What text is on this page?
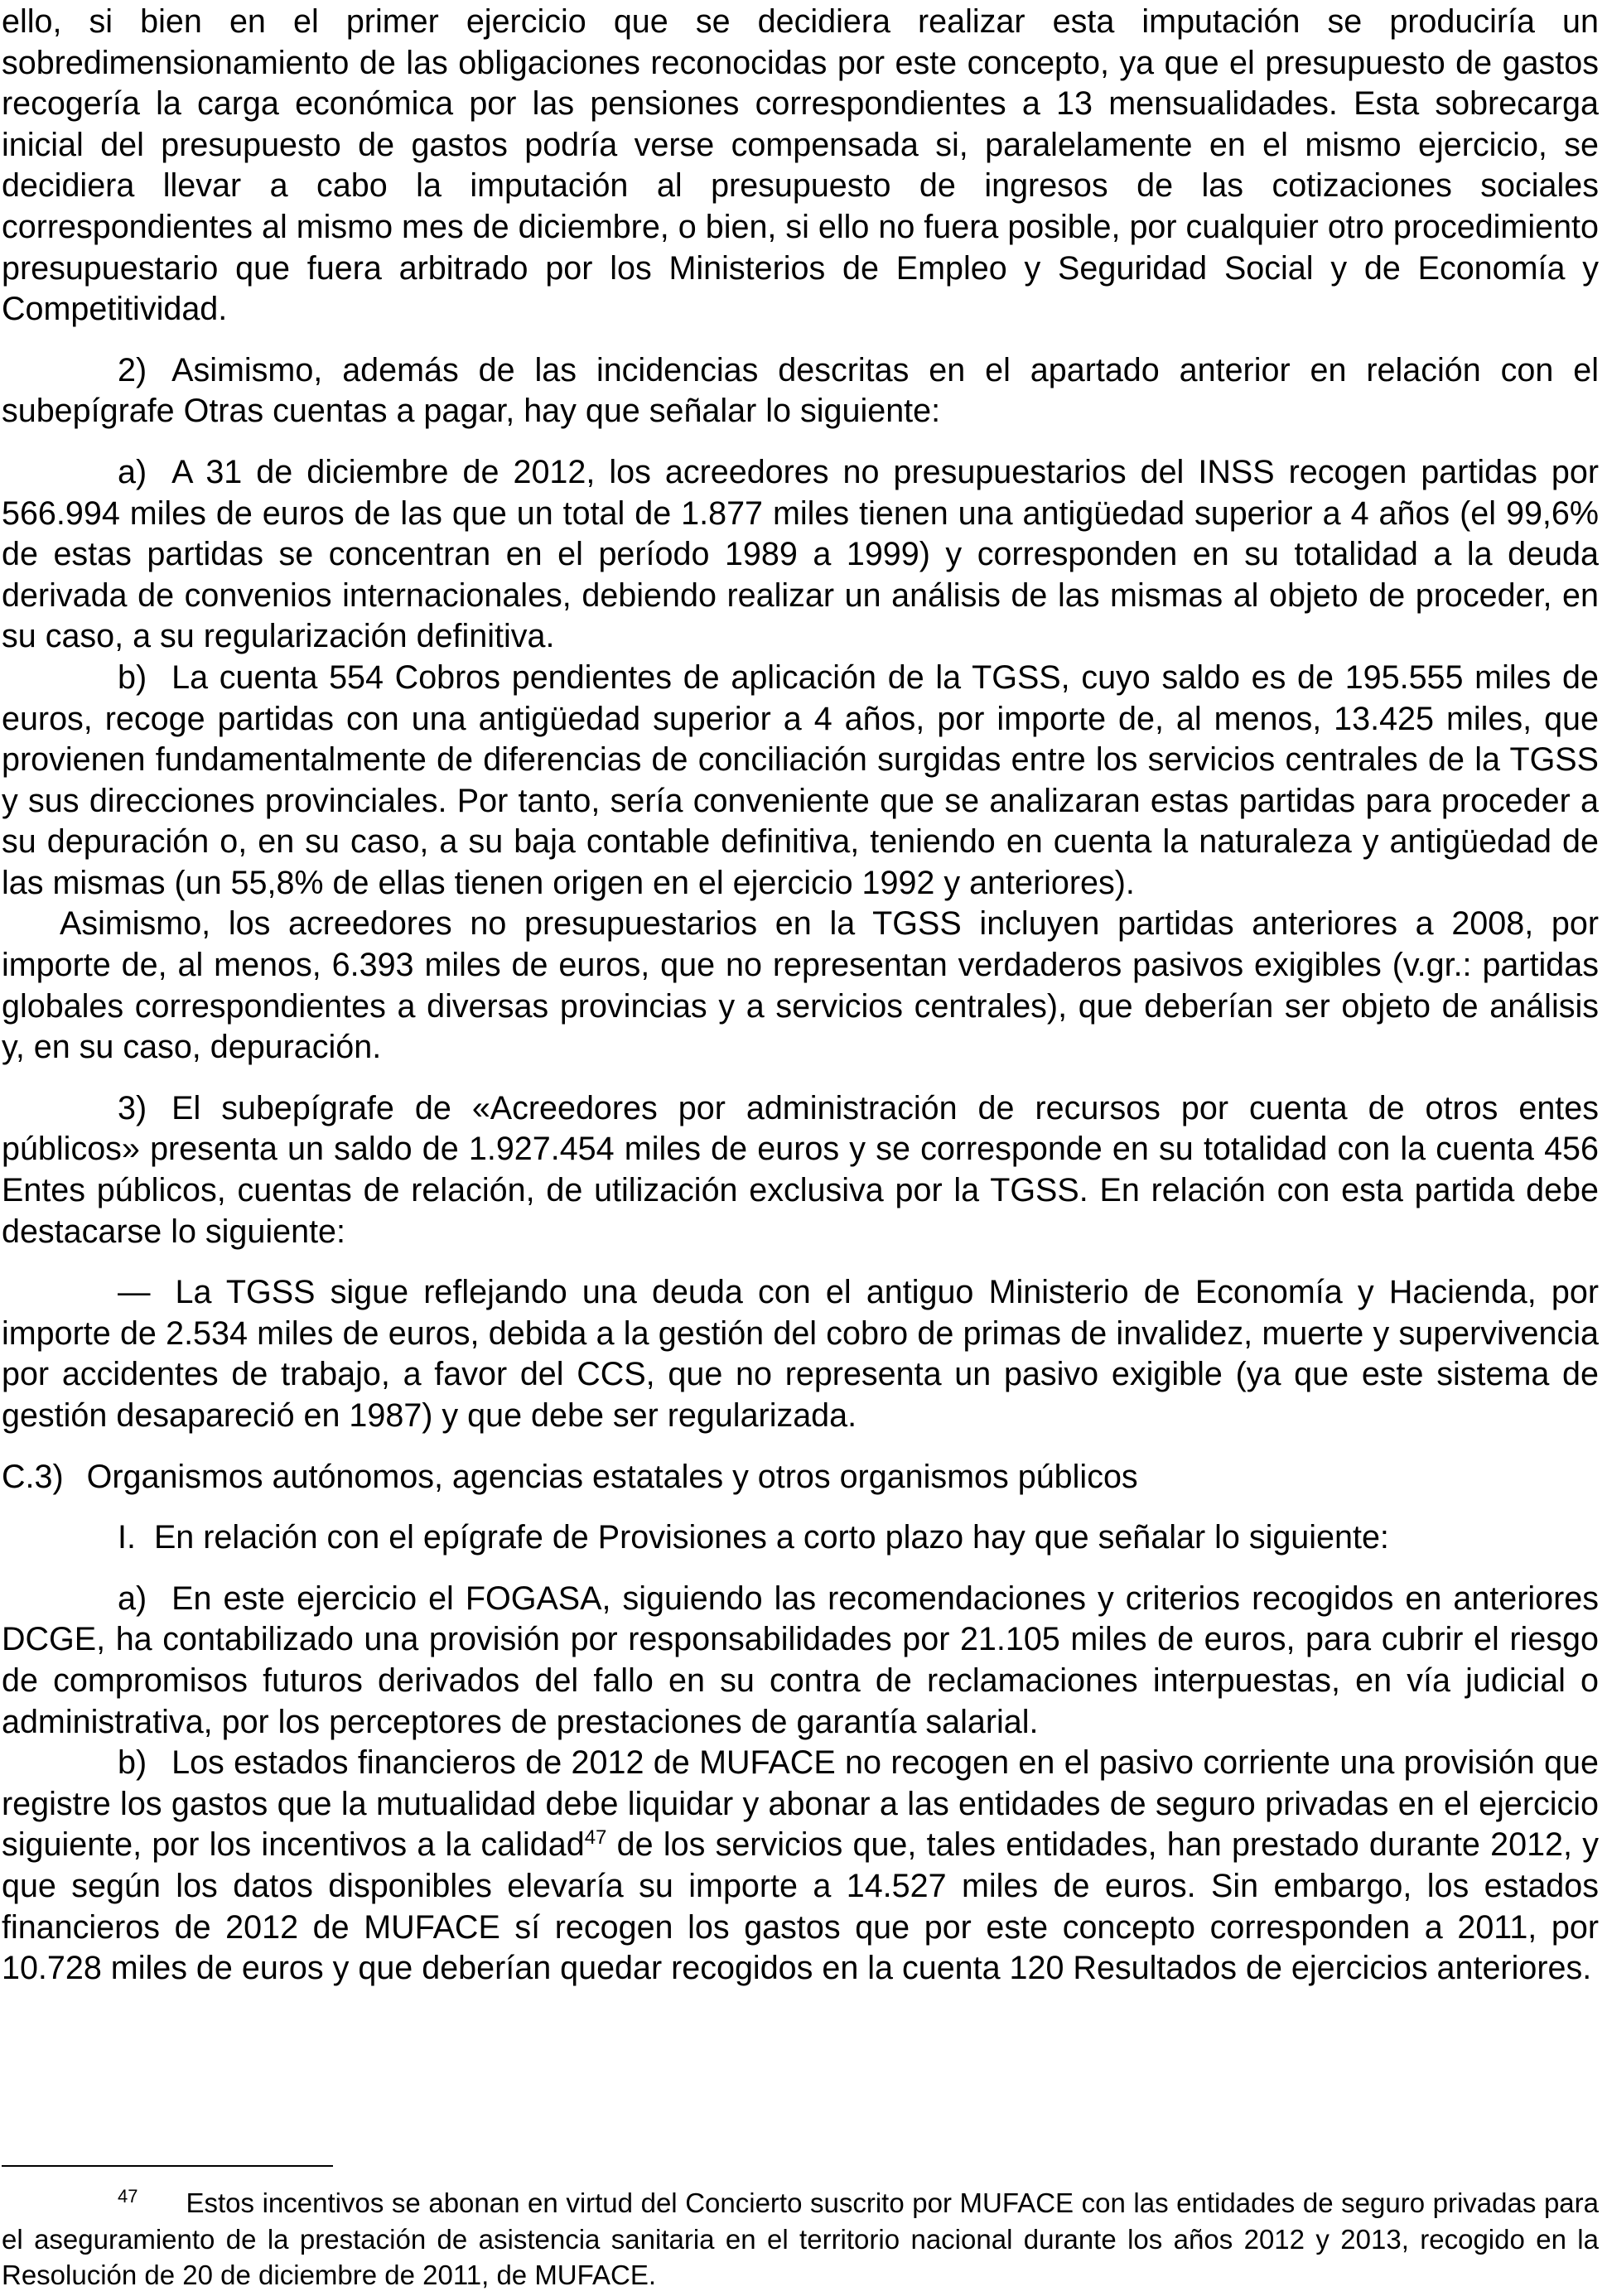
ello, si bien en el primer ejercicio que se decidiera realizar esta imputación se produciría un sobredimensionamiento de las obligaciones reconocidas por este concepto, ya que el presupuesto de gastos recogería la carga económica por las pensiones correspondientes a 13 mensualidades. Esta sobrecarga inicial del presupuesto de gastos podría verse compensada si, paralelamente en el mismo ejercicio, se decidiera llevar a cabo la imputación al presupuesto de ingresos de las cotizaciones sociales correspondientes al mismo mes de diciembre, o bien, si ello no fuera posible, por cualquier otro procedimiento presupuestario que fuera arbitrado por los Ministerios de Empleo y Seguridad Social y de Economía y Competitividad.

2) Asimismo, además de las incidencias descritas en el apartado anterior en relación con el subepígrafe Otras cuentas a pagar, hay que señalar lo siguiente:

a) A 31 de diciembre de 2012, los acreedores no presupuestarios del INSS recogen partidas por 566.994 miles de euros de las que un total de 1.877 miles tienen una antigüedad superior a 4 años (el 99,6% de estas partidas se concentran en el período 1989 a 1999) y corresponden en su totalidad a la deuda derivada de convenios internacionales, debiendo realizar un análisis de las mismas al objeto de proceder, en su caso, a su regularización definitiva.

b) La cuenta 554 Cobros pendientes de aplicación de la TGSS, cuyo saldo es de 195.555 miles de euros, recoge partidas con una antigüedad superior a 4 años, por importe de, al menos, 13.425 miles, que provienen fundamentalmente de diferencias de conciliación surgidas entre los servicios centrales de la TGSS y sus direcciones provinciales. Por tanto, sería conveniente que se analizaran estas partidas para proceder a su depuración o, en su caso, a su baja contable definitiva, teniendo en cuenta la naturaleza y antigüedad de las mismas (un 55,8% de ellas tienen origen en el ejercicio 1992 y anteriores).

Asimismo, los acreedores no presupuestarios en la TGSS incluyen partidas anteriores a 2008, por importe de, al menos, 6.393 miles de euros, que no representan verdaderos pasivos exigibles (v.gr.: partidas globales correspondientes a diversas provincias y a servicios centrales), que deberían ser objeto de análisis y, en su caso, depuración.

3) El subepígrafe de «Acreedores por administración de recursos por cuenta de otros entes públicos» presenta un saldo de 1.927.454 miles de euros y se corresponde en su totalidad con la cuenta 456 Entes públicos, cuentas de relación, de utilización exclusiva por la TGSS. En relación con esta partida debe destacarse lo siguiente:

— La TGSS sigue reflejando una deuda con el antiguo Ministerio de Economía y Hacienda, por importe de 2.534 miles de euros, debida a la gestión del cobro de primas de invalidez, muerte y supervivencia por accidentes de trabajo, a favor del CCS, que no representa un pasivo exigible (ya que este sistema de gestión desapareció en 1987) y que debe ser regularizada.

C.3) Organismos autónomos, agencias estatales y otros organismos públicos

I. En relación con el epígrafe de Provisiones a corto plazo hay que señalar lo siguiente:

a) En este ejercicio el FOGASA, siguiendo las recomendaciones y criterios recogidos en anteriores DCGE, ha contabilizado una provisión por responsabilidades por 21.105 miles de euros, para cubrir el riesgo de compromisos futuros derivados del fallo en su contra de reclamaciones interpuestas, en vía judicial o administrativa, por los perceptores de prestaciones de garantía salarial.

b) Los estados financieros de 2012 de MUFACE no recogen en el pasivo corriente una provisión que registre los gastos que la mutualidad debe liquidar y abonar a las entidades de seguro privadas en el ejercicio siguiente, por los incentivos a la calidad$^{47}$ de los servicios que, tales entidades, han prestado durante 2012, y que según los datos disponibles elevaría su importe a 14.527 miles de euros. Sin embargo, los estados financieros de 2012 de MUFACE sí recogen los gastos que por este concepto corresponden a 2011, por 10.728 miles de euros y que deberían quedar recogidos en la cuenta 120 Resultados de ejercicios anteriores.

47 Estos incentivos se abonan en virtud del Concierto suscrito por MUFACE con las entidades de seguro privadas para el aseguramiento de la prestación de asistencia sanitaria en el territorio nacional durante los años 2012 y 2013, recogido en la Resolución de 20 de diciembre de 2011, de MUFACE.
